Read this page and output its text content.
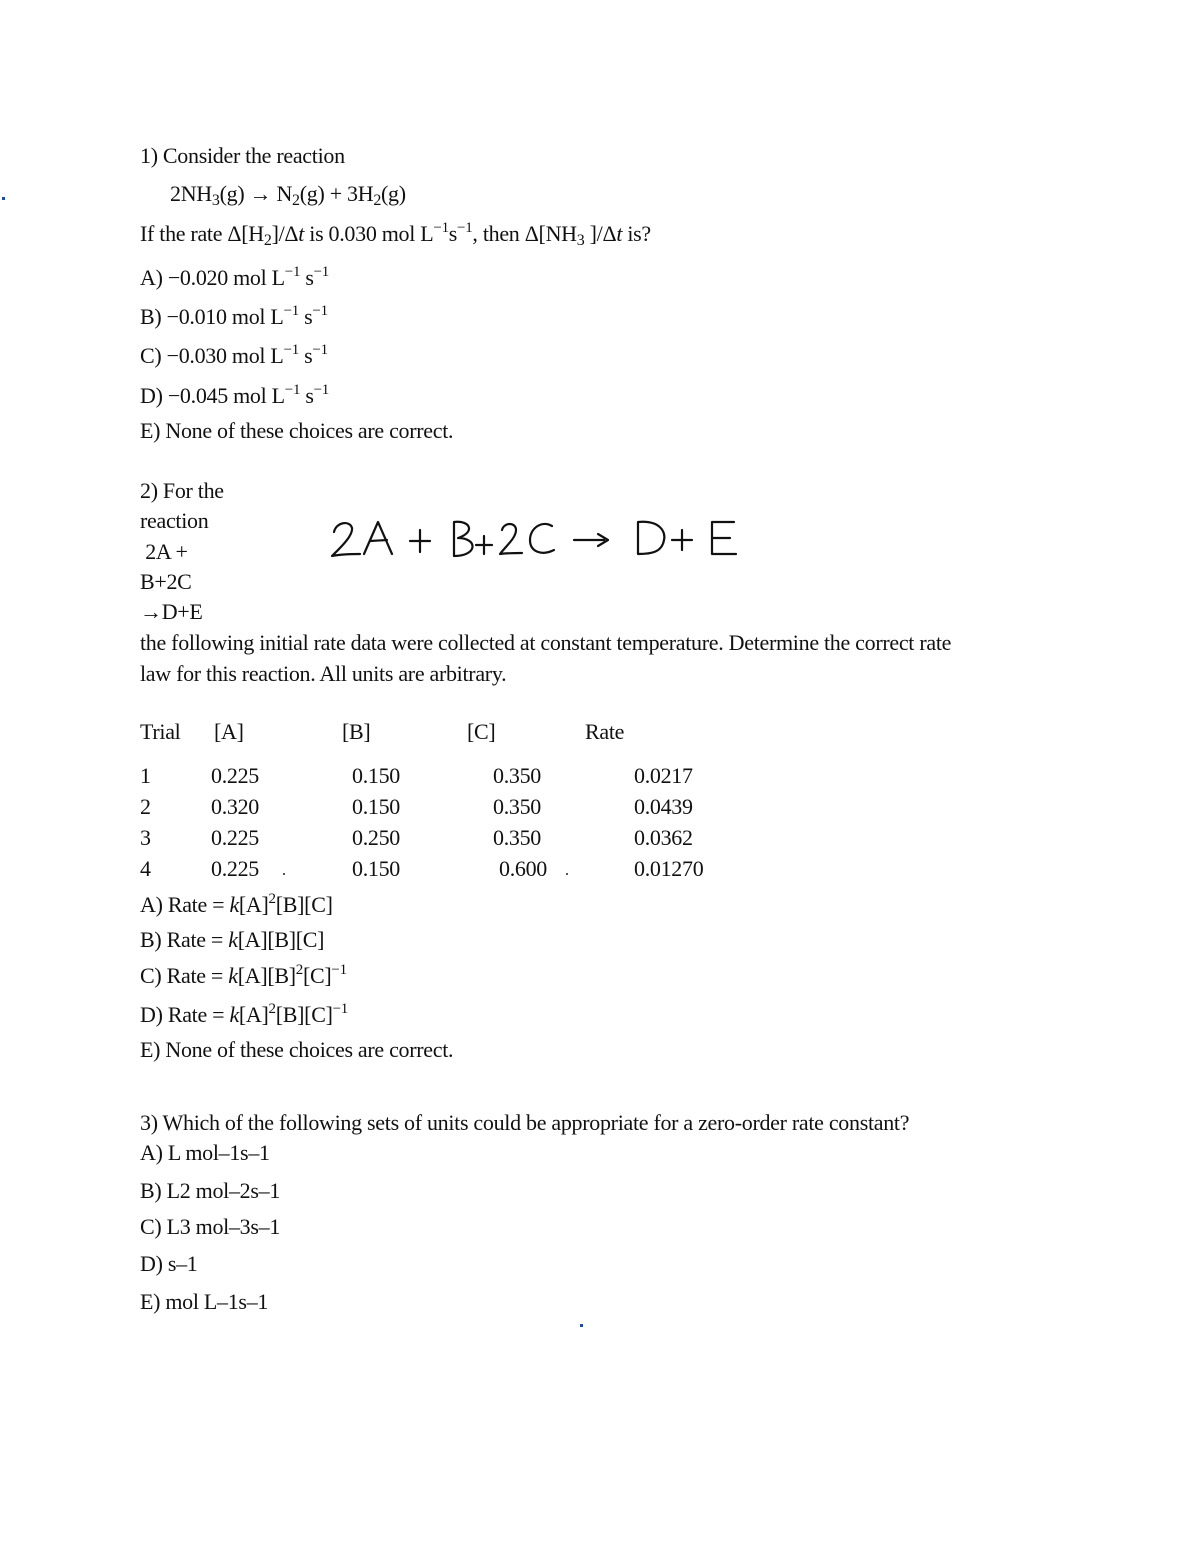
1) Consider the reaction
$2NH_3(g) \to N_2(g) + 3H_2(g)$
If the rate $\Delta[H_2]/\Delta t$ is 0.030 mol $L^{-1}s^{-1}$, then $\Delta[NH_3$ ]/Δt is?
A) −0.020 mol $L^{-1}$ $s^{-1}$
B) −0.010 mol $L^{-1}$ $s^{-1}$
C) −0.030 mol $L^{-1}$ $s^{-1}$
D) −0.045 mol $L^{-1}$ $s^{-1}$
E) None of these choices are correct.
2) For the
reaction
2A +
B+2C
→D+E
2A + B + 2C → D+E
the following initial rate data were collected at constant temperature. Determine the correct rate
law for this reaction. All units are arbitrary.
Trial [A]	[B]	[C]	Rate
1	0.225	0.150	0.350	0.0217
2	0.320	0.150	0.350	0.0439
3	0.225	0.250	0.350	0.0362
4	0.225	0.150	0.600	0.01270
A) Rate = $k[A]^2[B][C]$
B) Rate = k[A][B][C]
C) Rate = $k[A][B]^2[C]^{-1}$
D) Rate = $k[A]^2[B][C]^{-1}$
E) None of these choices are correct.
3) Which of the following sets of units could be appropriate for a zero-order rate constant?
A) L mol–1s–1
B) L2 mol–2s–1
C) L3 mol–3s–1
D) s–1
E) mol L–1s–1
